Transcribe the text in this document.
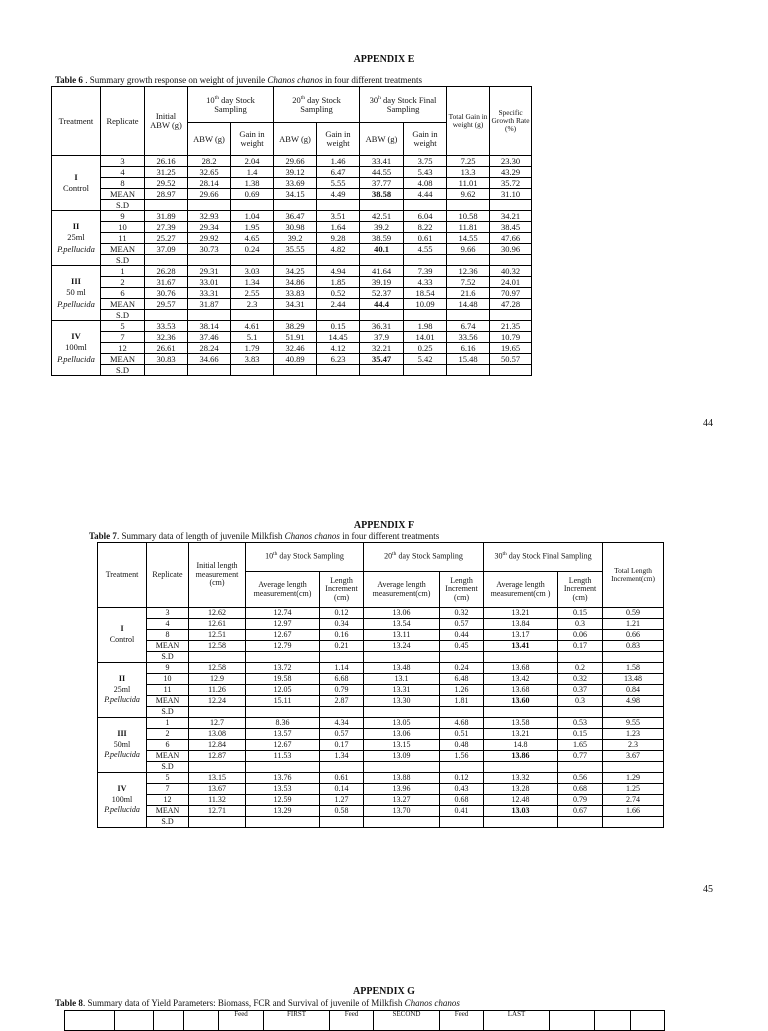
APPENDIX E
Table 6 . Summary growth response on weight of juvenile Chanos chanos in four different treatments
Treatment	Replicate	Initial ABW (g)	10th day Stock Sampling		20th day Stock Sampling		30$^h$ day Stock Final Sampling		Total Gain in weight (g)	Specific Growth Rate (%)
			ABW (g)	Gain in weight	ABW (g)	Gain in weight	ABW (g)	Gain in weight		

I
Control	3	26.16	28.2	2.04	29.66	1.46	33.41	3.75	7.25	23.30
	4	31.25	32.65	1.4	39.12	6.47	44.55	5.43	13.3	43.29
	8	29.52	28.14	1.38	33.69	5.55	37.77	4.08	11.01	35.72
	MEAN	28.97	29.66	0.69	34.15	4.49	38.58	4.44	9.62	31.10
	S.D									

II
25ml
P.pellucida	9	31.89	32.93	1.04	36.47	3.51	42.51	6.04	10.58	34.21
	10	27.39	29.34	1.95	30.98	1.64	39.2	8.22	11.81	38.45
	11	25.27	29.92	4.65	39.2	9.28	38.59	0.61	14.55	47.66
	MEAN	37.09	30.73	0.24	35.55	4.82	40.1	4.55	9.66	30.96
	S.D									

III
50 ml
P.pellucida	1	26.28	29.31	3.03	34.25	4.94	41.64	7.39	12.36	40.32
	2	31.67	33.01	1.34	34.86	1.85	39.19	4.33	7.52	24.01
	6	30.76	33.31	2.55	33.83	0.52	52.37	18.54	21.6	70.97
	MEAN	29.57	31.87	2.3	34.31	2.44	44.4	10.09	14.48	47.28
	S.D									

IV
100ml
P.pellucida	5	33.53	38.14	4.61	38.29	0.15	36.31	1.98	6.74	21.35
	7	32.36	37.46	5.1	51.91	14.45	37.9	14.01	33.56	10.79
	12	26.61	28.24	1.79	32.46	4.12	32.21	0.25	6.16	19.65
	MEAN	30.83	34.66	3.83	40.89	6.23	35.47	5.42	15.48	50.57
	S.D									
44
APPENDIX F
Table 7. Summary data of length of juvenile Milkfish Chanos chanos in four different treatments
Treatment	Replicate	Initial length measurement (cm)	10th day Stock Sampling		20th day Stock Sampling		30th day Stock Final Sampling		Total Length Increment(cm)
			Average length measurement(cm)	Length Increment (cm)	Average length measurement(cm)	Length Increment (cm)	Average length measurement(cm )	Length Increment (cm)	

I
Control	3	12.62	12.74	0.12	13.06	0.32	13.21	0.15	0.59
	4	12.61	12.97	0.34	13.54	0.57	13.84	0.3	1.21
	8	12.51	12.67	0.16	13.11	0.44	13.17	0.06	0.66
	MEAN	12.58	12.79	0.21	13.24	0.45	13.41	0.17	0.83
	S.D								

II
25ml
P.pellucida	9	12.58	13.72	1.14	13.48	0.24	13.68	0.2	1.58
	10	12.9	19.58	6.68	13.1	6.48	13.42	0.32	13.48
	11	11.26	12.05	0.79	13.31	1.26	13.68	0.37	0.84
	MEAN	12.24	15.11	2.87	13.30	1.81	13.60	0.3	4.98
	S.D								

III
50ml
P.pellucida	1	12.7	8.36	4.34	13.05	4.68	13.58	0.53	9.55
	2	13.08	13.57	0.57	13.06	0.51	13.21	0.15	1.23
	6	12.84	12.67	0.17	13.15	0.48	14.8	1.65	2.3
	MEAN	12.87	11.53	1.34	13.09	1.56	13.86	0.77	3.67
	S.D								

IV
100ml
P.pellucida	5	13.15	13.76	0.61	13.88	0.12	13.32	0.56	1.29
	7	13.67	13.53	0.14	13.96	0.43	13.28	0.68	1.25
	12	11.32	12.59	1.27	13.27	0.68	12.48	0.79	2.74
	MEAN	12.71	13.29	0.58	13.70	0.41	13.03	0.67	1.66
	S.D								
45
APPENDIX G
Table 8. Summary data of Yield Parameters: Biomass, FCR and Survival of juvenile of Milkfish Chanos chanos
				Feed	FIRST	Feed	SECOND	Feed	LAST			
